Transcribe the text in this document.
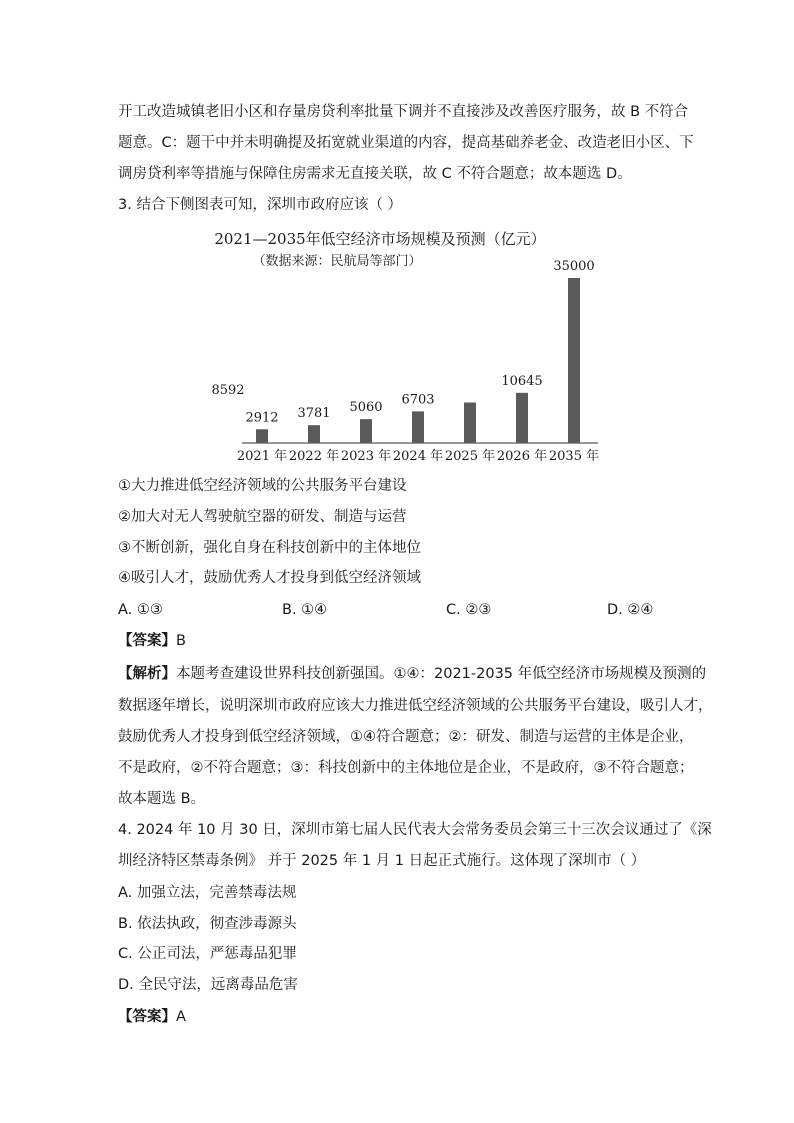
开工改造城镇老旧小区和存量房贷利率批量下调并不直接涉及改善医疗服务，故 B 不符合
题意。C：题干中并未明确提及拓宽就业渠道的内容，提高基础养老金、改造老旧小区、下
调房贷利率等措施与保障住房需求无直接关联，故 C 不符合题意；故本题选 D。
3. 结合下侧图表可知，深圳市政府应该（ ）
2021—2035年低空经济市场规模及预测（亿元）
（数据来源：民航局等部门）
2912 3781 5060
6703
8592
10645
35000
2021 年 2022 年 2023 年 2024 年 2025 年 2026 年 2035 年
①大力推进低空经济领域的公共服务平台建设
②加大对无人驾驶航空器的研发、制造与运营
③不断创新，强化自身在科技创新中的主体地位
④吸引人才，鼓励优秀人才投身到低空经济领域
A. ①③	B. ①④	C. ②③	D. ②④
【答案】B
【解析】本题考查建设世界科技创新强国。①④：2021-2035 年低空经济市场规模及预测的
数据逐年增长，说明深圳市政府应该大力推进低空经济领域的公共服务平台建设，吸引人才，
鼓励优秀人才投身到低空经济领域，①④符合题意；②：研发、制造与运营的主体是企业，
不是政府，②不符合题意；③：科技创新中的主体地位是企业，不是政府，③不符合题意；
故本题选 B。
4. 2024 年 10 月 30 日，深圳市第七届人民代表大会常务委员会第三十三次会议通过了《深
圳经济特区禁毒条例》 并于 2025 年 1 月 1 日起正式施行。这体现了深圳市（ ）
A. 加强立法，完善禁毒法规
B. 依法执政，彻查涉毒源头
C. 公正司法，严惩毒品犯罪
D. 全民守法，远离毒品危害
【答案】A
